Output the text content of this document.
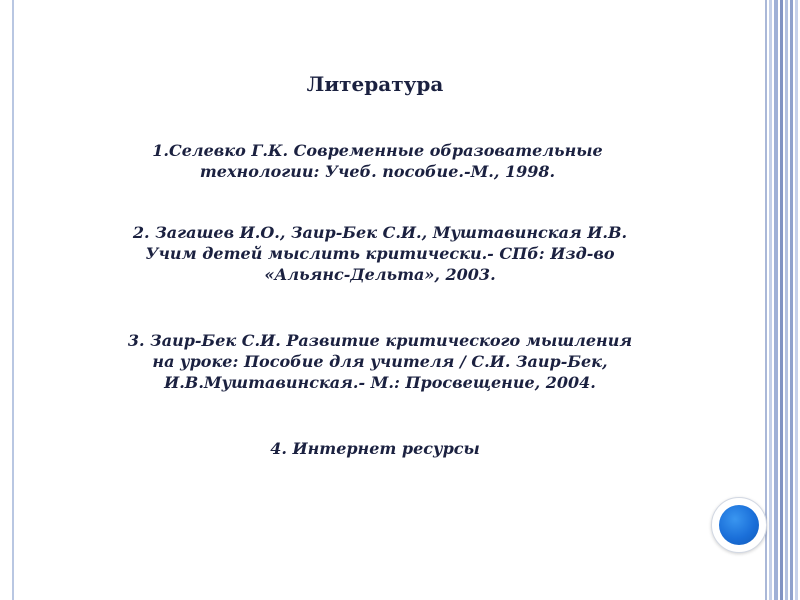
Литература
1.Селевко Г.К. Современные образовательные
технологии: Учеб. пособие.-М., 1998.
2. Загашев И.О., Заир-Бек С.И., Муштавинская И.В.
Учим детей мыслить критически.- СПб: Изд-во
«Альянс-Дельта», 2003.
3. Заир-Бек С.И. Развитие критического мышления
на уроке: Пособие для учителя / С.И. Заир-Бек,
И.В.Муштавинская.- М.: Просвещение, 2004.
4. Интернет ресурсы
